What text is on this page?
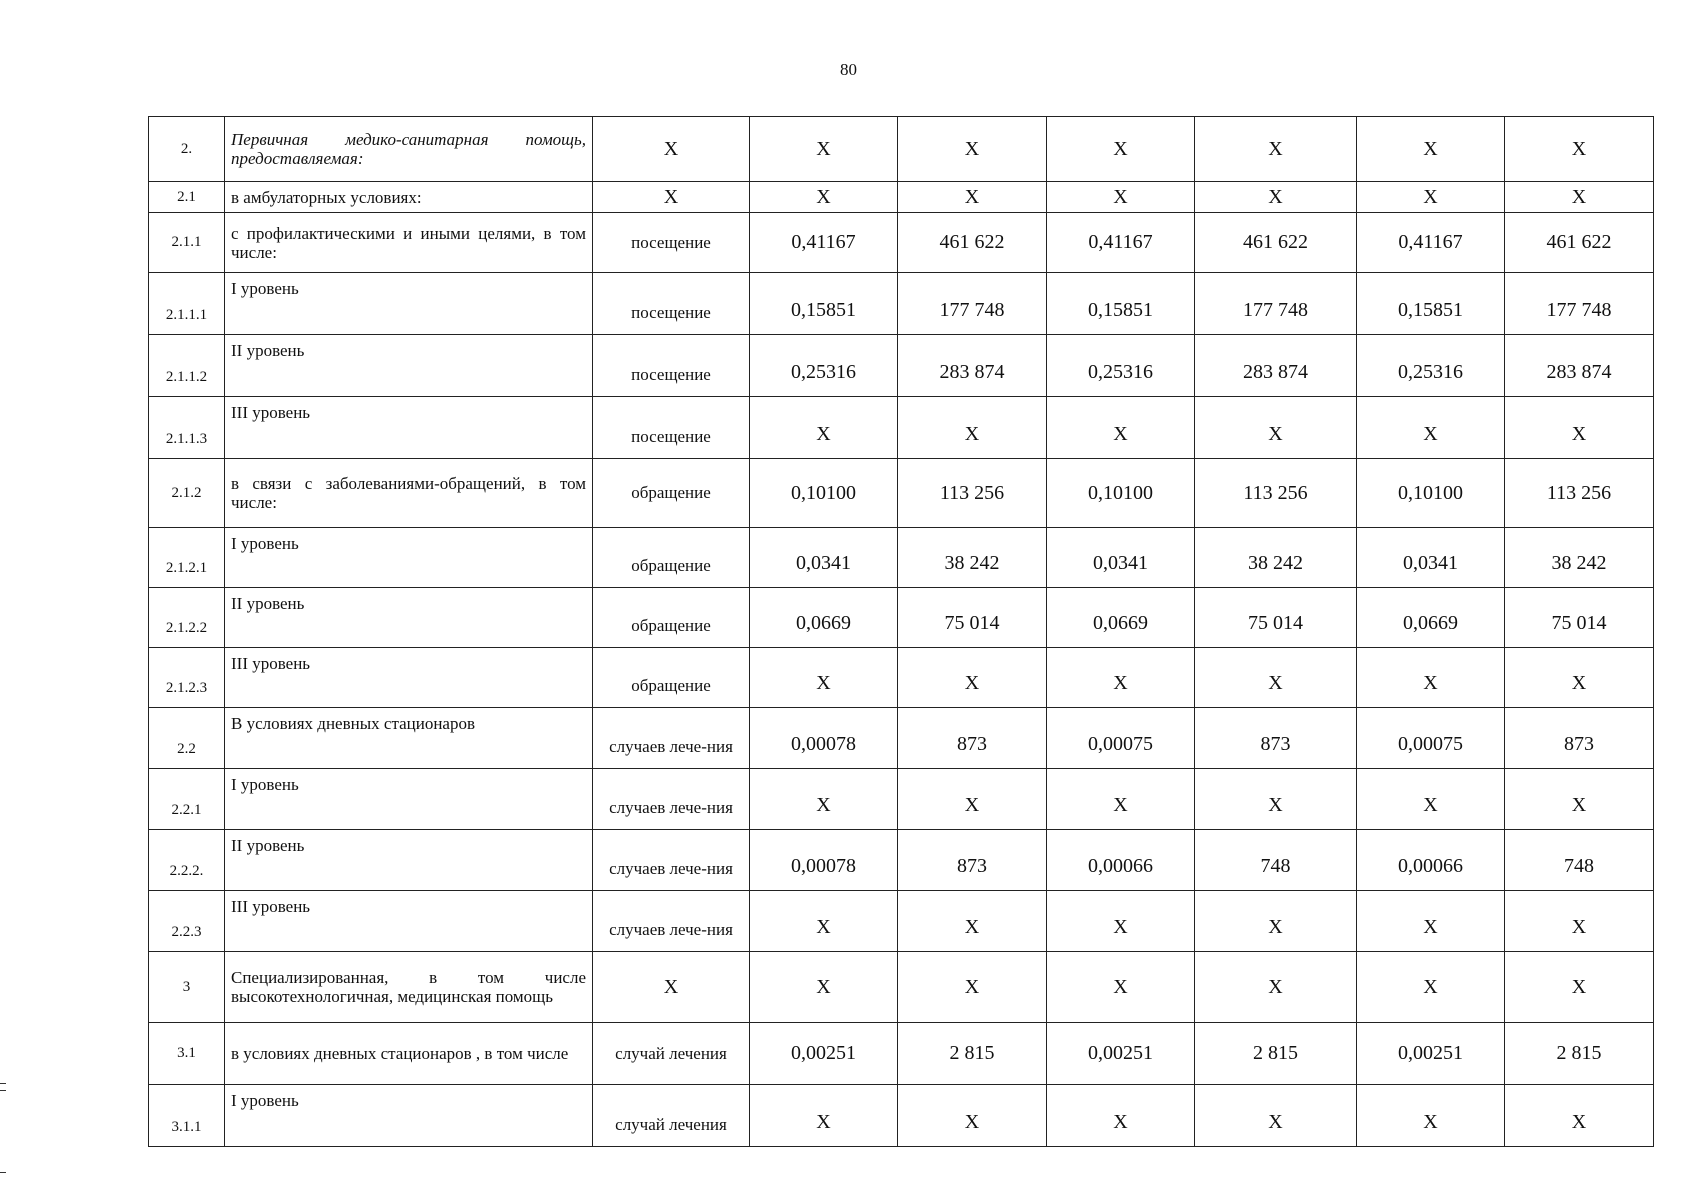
80
2.	Первичная медико-санитарная помощь, предоставляемая:	X	X	X	X	X	X	X
2.1	в амбулаторных условиях:	X	X	X	X	X	X	X
2.1.1	с профилактическими и иными целями, в том числе:	посещение	0,41167	461 622	0,41167	461 622	0,41167	461 622
2.1.1.1	I уровень	посещение	0,15851	177 748	0,15851	177 748	0,15851	177 748
2.1.1.2	II уровень	посещение	0,25316	283 874	0,25316	283 874	0,25316	283 874
2.1.1.3	III уровень	посещение	X	X	X	X	X	X
2.1.2	в связи с заболеваниями-обращений, в том числе:	обращение	0,10100	113 256	0,10100	113 256	0,10100	113 256
2.1.2.1	I уровень	обращение	0,0341	38 242	0,0341	38 242	0,0341	38 242
2.1.2.2	II уровень	обращение	0,0669	75 014	0,0669	75 014	0,0669	75 014
2.1.2.3	III уровень	обращение	X	X	X	X	X	X
2.2	В условиях дневных стационаров	случаев лече-ния	0,00078	873	0,00075	873	0,00075	873
2.2.1	I уровень	случаев лече-ния	X	X	X	X	X	X
2.2.2.	II уровень	случаев лече-ния	0,00078	873	0,00066	748	0,00066	748
2.2.3	III уровень	случаев лече-ния	X	X	X	X	X	X
3	Специализированная, в том числе высокотехнологичная, медицинская помощь	X	X	X	X	X	X	X
3.1	в условиях дневных стационаров , в том числе	случай лечения	0,00251	2 815	0,00251	2 815	0,00251	2 815
3.1.1	I уровень	случай лечения	X	X	X	X	X	X
